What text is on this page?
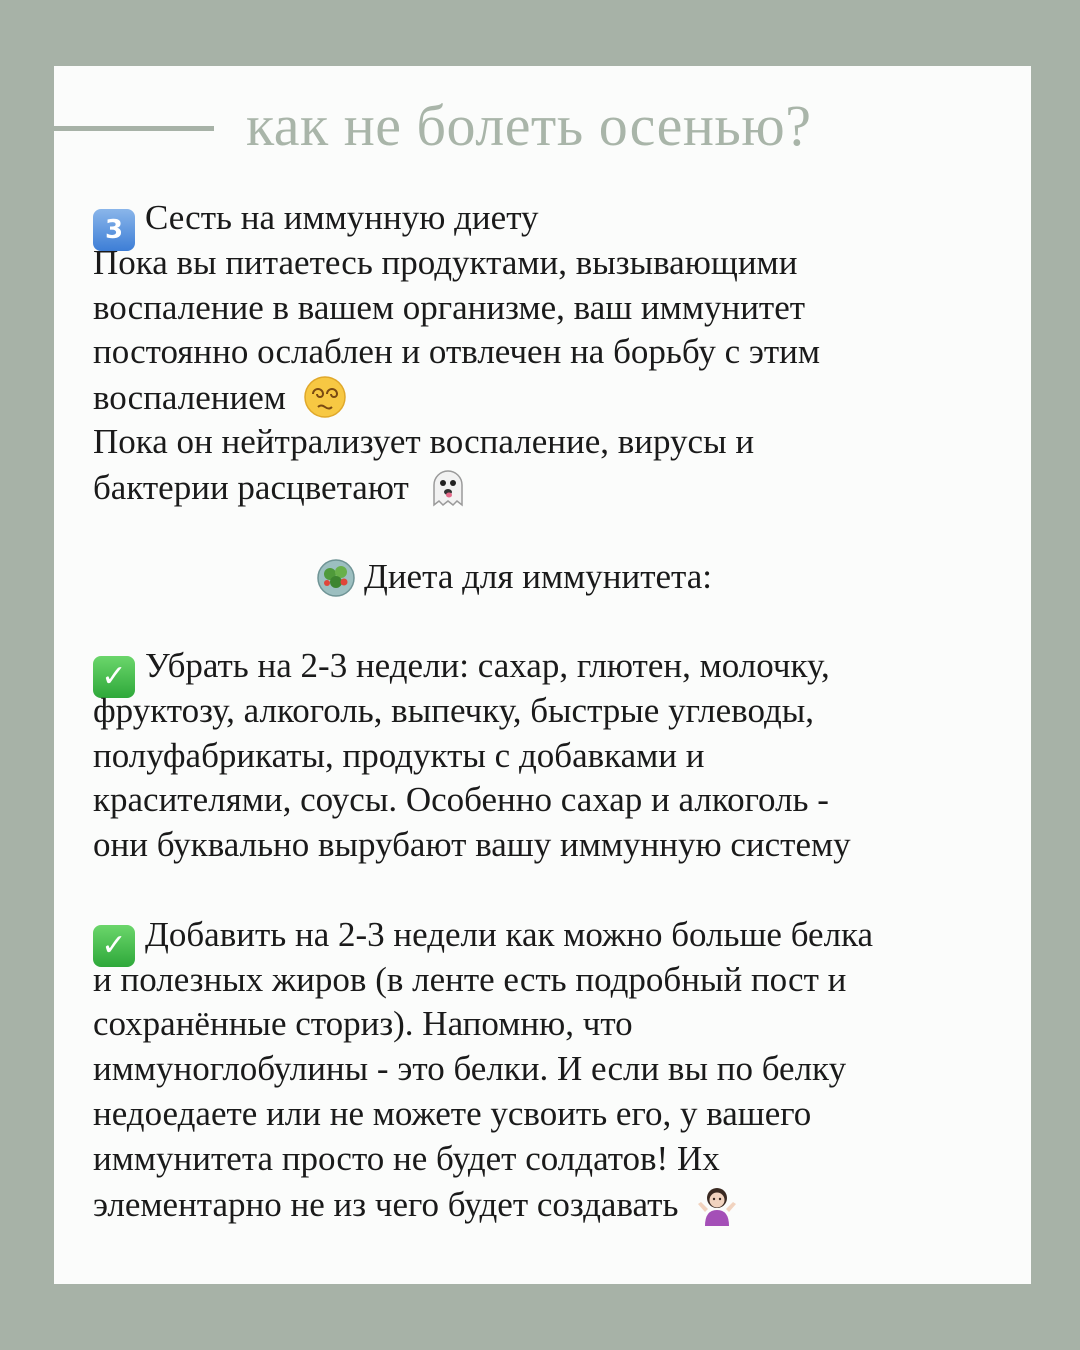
как не болеть осенью?
3 Сесть на иммунную диету
Пока вы питаетесь продуктами, вызывающими
воспаление в вашем организме, ваш иммунитет
постоянно ослаблен и отвлечен на борьбу с этим
воспалением
Пока он нейтрализует воспаление, вирусы и
бактерии расцветают
Диета для иммунитета:
✓ Убрать на 2-3 недели: сахар, глютен, молочку,
фруктозу, алкоголь, выпечку, быстрые углеводы,
полуфабрикаты, продукты с добавками и
красителями, соусы. Особенно сахар и алкоголь -
они буквально вырубают вашу иммунную систему
✓ Добавить на 2-3 недели как можно больше белка
и полезных жиров (в ленте есть подробный пост и
сохранённые сториз). Напомню, что
иммуноглобулины - это белки. И если вы по белку
недоедаете или не можете усвоить его, у вашего
иммунитета просто не будет солдатов! Их
элементарно не из чего будет создавать
